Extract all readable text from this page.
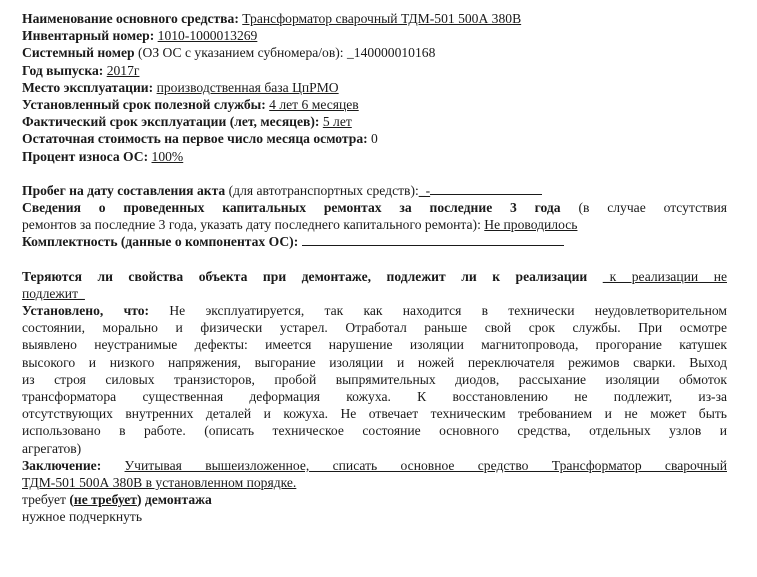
Наименование основного средства: Трансформатор сварочный ТДМ-501 500А 380В
Инвентарный номер: 1010-1000013269
Системный номер (ОЗ ОС с указанием субномера/ов): _140000010168
Год выпуска: 2017г
Место эксплуатации: производственная база ЦпРМО
Установленный срок полезной службы: 4 лет 6 месяцев
Фактический срок эксплуатации (лет, месяцев): 5 лет
Остаточная стоимость на первое число месяца осмотра: 0
Процент износа ОС: 100%
Пробег на дату составления акта (для автотранспортных средств):_-
Сведения о проведенных капитальных ремонтах за последние 3 года (в случае отсутствия
ремонтов за последние 3 года, указать дату последнего капитального ремонта): Не проводилось
Комплектность (данные о компонентах ОС):
Теряются ли свойства объекта при демонтаже, подлежит ли к реализации _к реализации не
подлежит_
Установлено, что: Не эксплуатируется, так как находится в технически неудовлетворительном
состоянии, морально и физически устарел. Отработал раньше свой срок службы. При осмотре
выявлено неустранимые дефекты: имеется нарушение изоляции магнитопровода, прогорание катушек
высокого и низкого напряжения, выгорание изоляции и ножей переключателя режимов сварки. Выход
из строя силовых транзисторов, пробой выпрямительных диодов, рассыхание изоляции обмоток
трансформатора существенная деформация кожуха. К восстановлению не подлежит, из-за
отсутствующих внутренних деталей и кожуха. Не отвечает техническим требованием и не может быть
использовано в работе. (описать техническое состояние основного средства, отдельных узлов и
агрегатов)
Заключение: Учитывая вышеизложенное, списать основное средство Трансформатор сварочный
ТДМ-501 500А 380В в установленном порядке.
требует (не требует) демонтажа
нужное подчеркнуть
